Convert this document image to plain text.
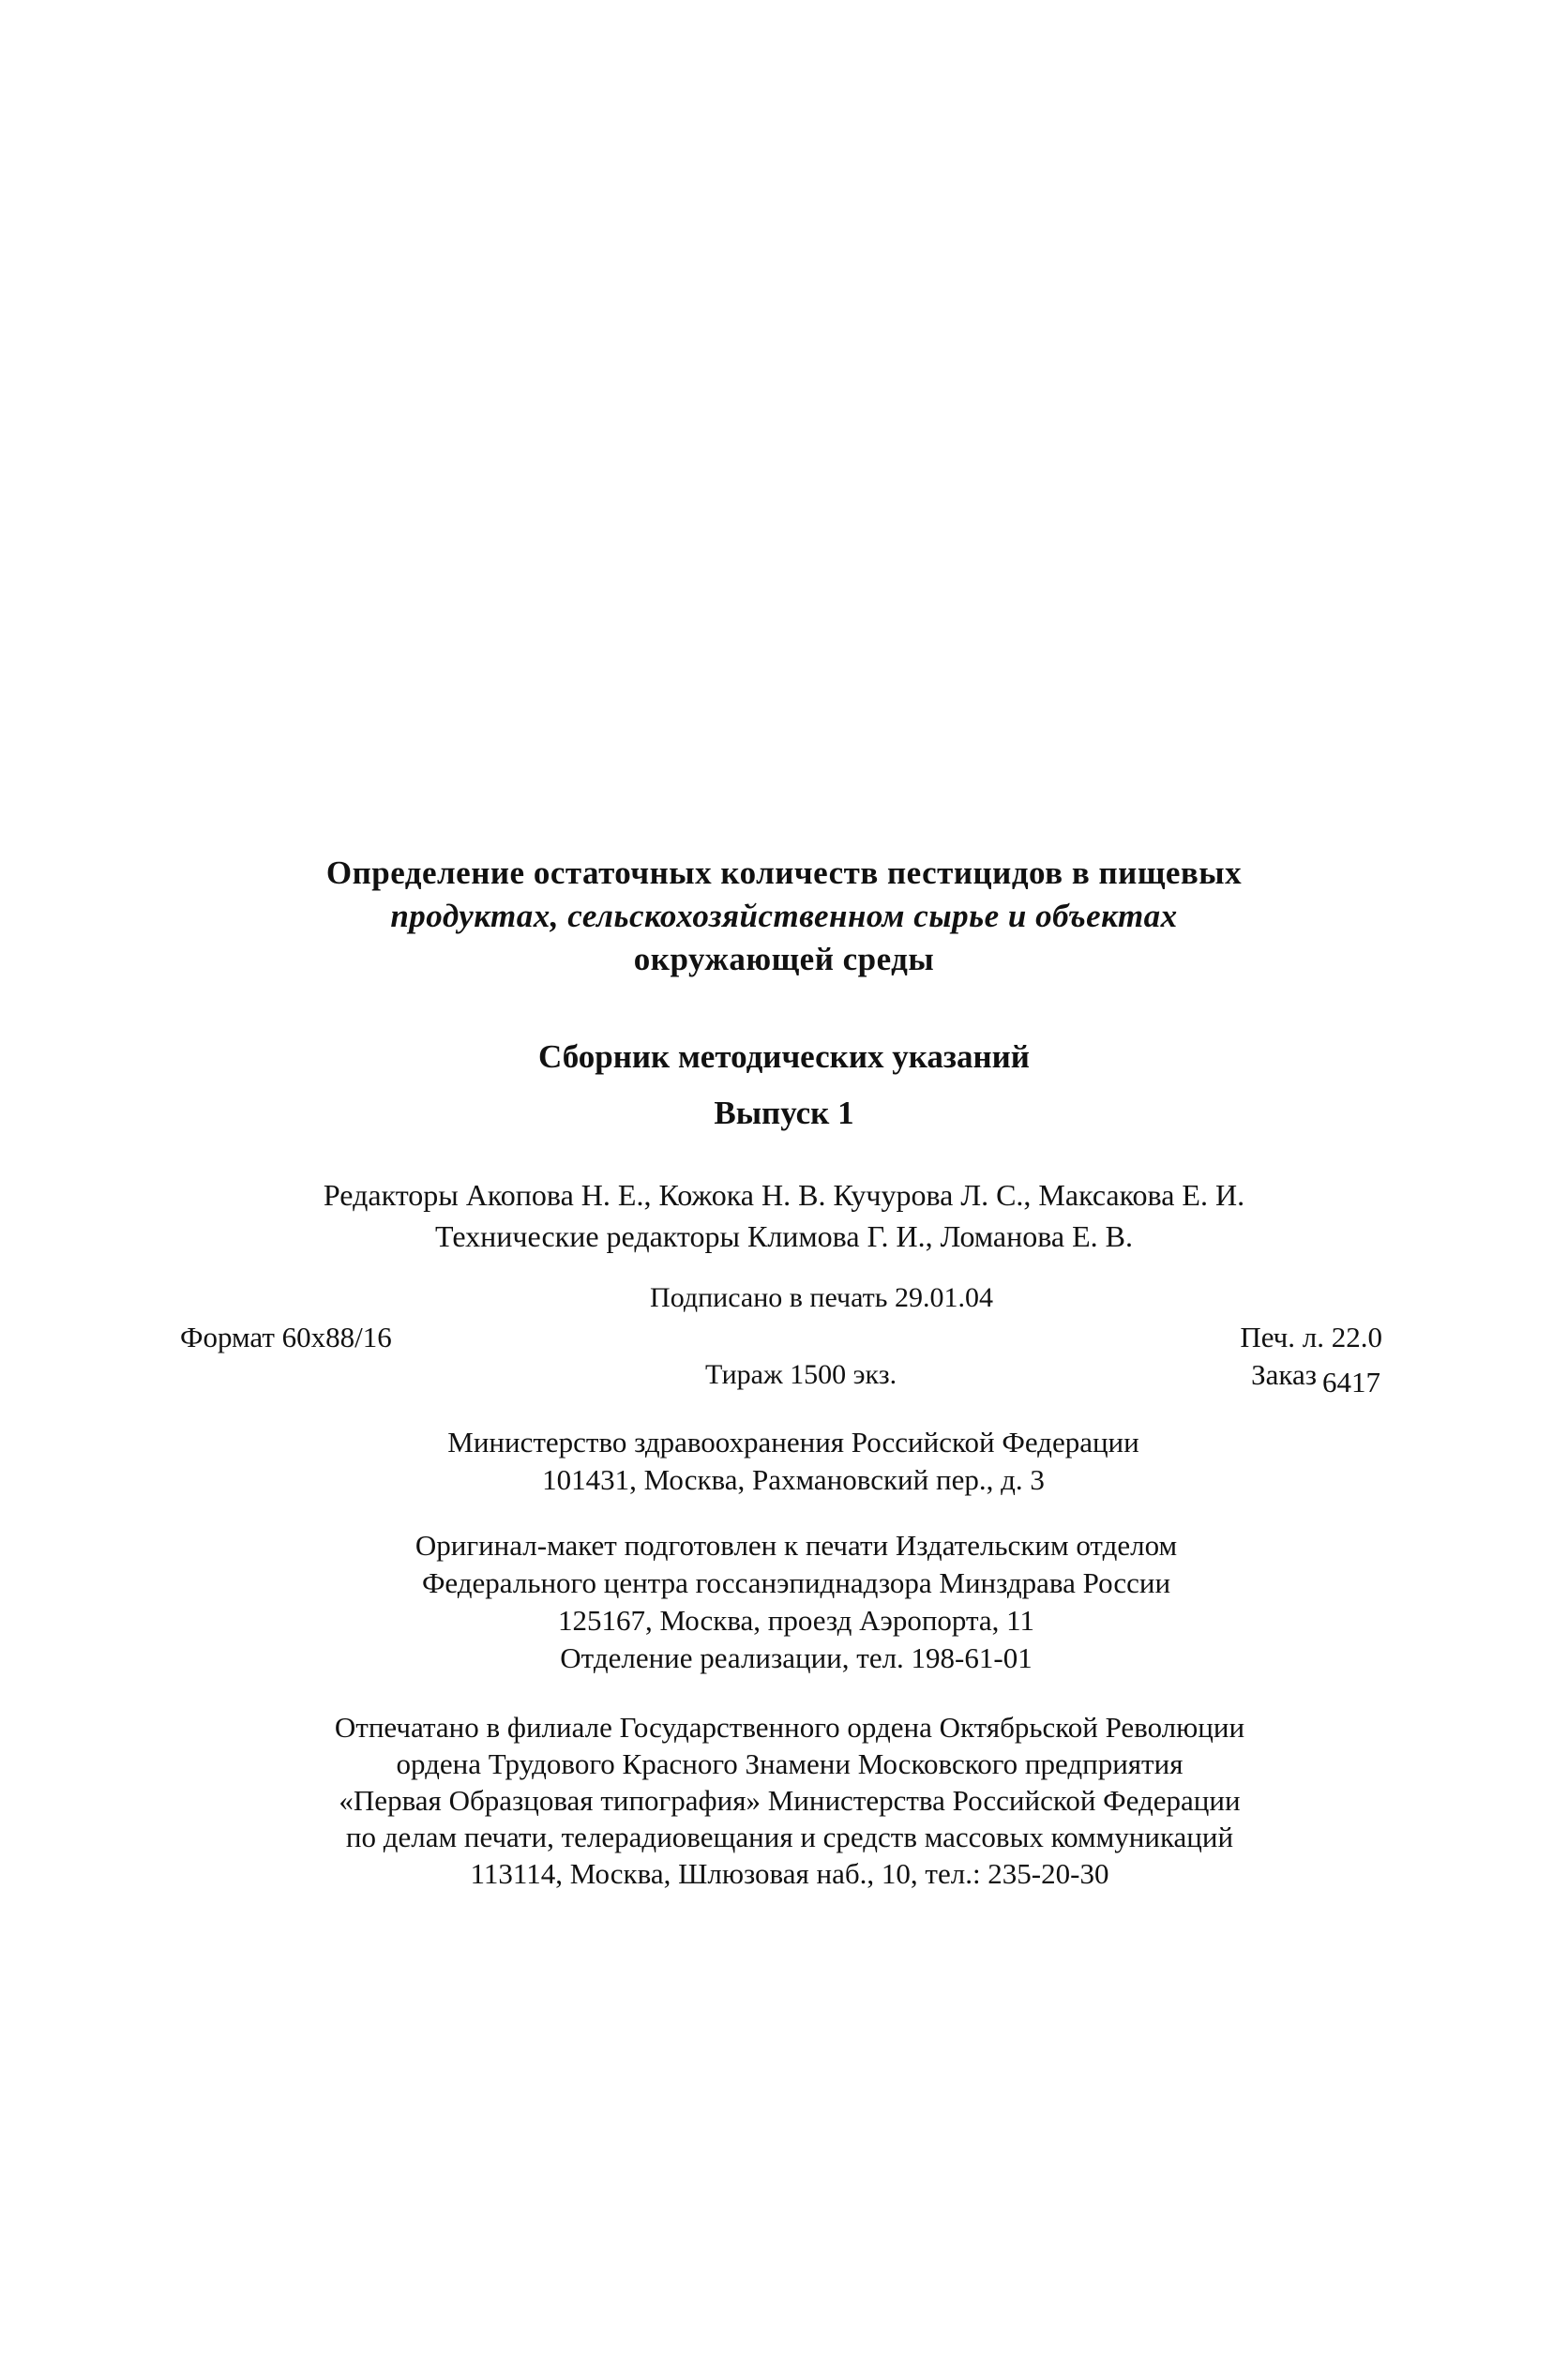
Определение остаточных количеств пестицидов в пищевых
продуктах, сельскохозяйственном сырье и объектах
окружающей среды
Сборник методических указаний
Выпуск 1
Редакторы Акопова Н. Е., Кожока Н. В. Кучурова Л. С., Максакова Е. И.
Технические редакторы Климова Г. И., Ломанова Е. В.
Подписано в печать 29.01.04
Формат 60x88/16	Печ. л. 22.0
Тираж 1500 экз.	Заказ 6417
Министерство здравоохранения Российской Федерации
101431, Москва, Рахмановский пер., д. 3
Оригинал-макет подготовлен к печати Издательским отделом
Федерального центра госсанэпиднадзора Минздрава России
125167, Москва, проезд Аэропорта, 11
Отделение реализации, тел. 198-61-01
Отпечатано в филиале Государственного ордена Октябрьской Революции
ордена Трудового Красного Знамени Московского предприятия
«Первая Образцовая типография» Министерства Российской Федерации
по делам печати, телерадиовещания и средств массовых коммуникаций
113114, Москва, Шлюзовая наб., 10, тел.: 235-20-30
